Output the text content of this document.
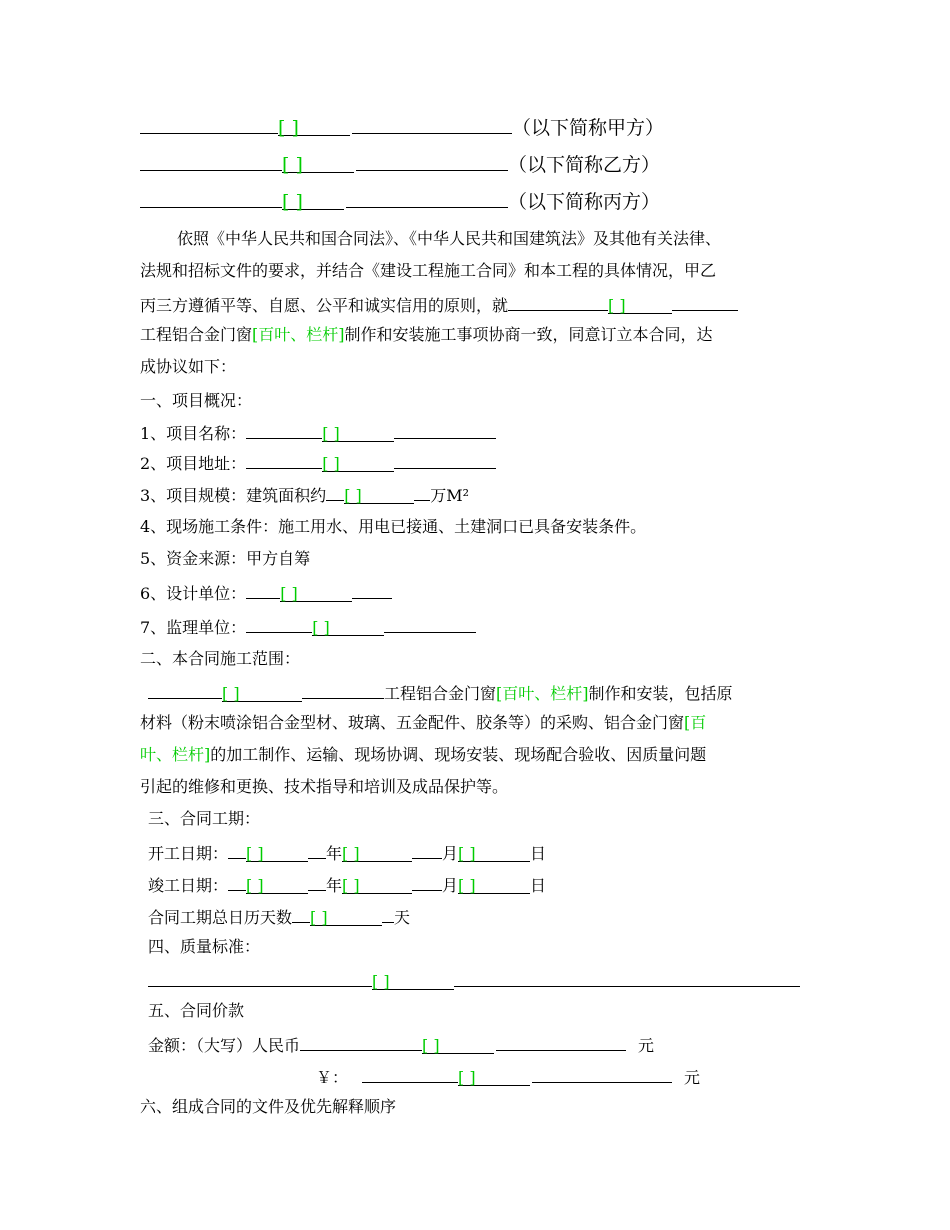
[ ]	（以下简称甲方）
[ ]	（以下简称乙方）
[ ]	（以下简称丙方）
依照《中华人民共和国合同法》、《中华人民共和国建筑法》及其他有关法律、
法规和招标文件的要求，并结合《建设工程施工合同》和本工程的具体情况，甲乙
丙三方遵循平等、自愿、公平和诚实信用的原则，就	[ ]
工程铝合金门窗[百叶、栏杆]制作和安装施工事项协商一致，同意订立本合同，达
成协议如下：
一、项目概况：
1、项目名称：	[ ]
2、项目地址：	[ ]
3、项目规模：建筑面积约 [ ]	万M²
4、现场施工条件：施工用水、用电已接通、土建洞口已具备安装条件。
5、资金来源：甲方自筹
6、设计单位： [ ]
7、监理单位：	[ ]
二、本合同施工范围：
[ ]	工程铝合金门窗[百叶、栏杆]制作和安装，包括原
材料（粉末喷涂铝合金型材、玻璃、五金配件、胶条等）的采购、铝合金门窗[百
叶、栏杆]的加工制作、运输、现场协调、现场安装、现场配合验收、因质量问题
引起的维修和更换、技术指导和培训及成品保护等。
三、合同工期：
开工日期： [ ]	年[ ]	月[ ]	日
竣工日期： [ ]	年[ ]	月[ ]	日
合同工期总日历天数 [ ]	天
四、质量标准：
[ ]
五、合同价款
金额：（大写）人民币	[ ]	元
￥：	[ ]	元
六、组成合同的文件及优先解释顺序
